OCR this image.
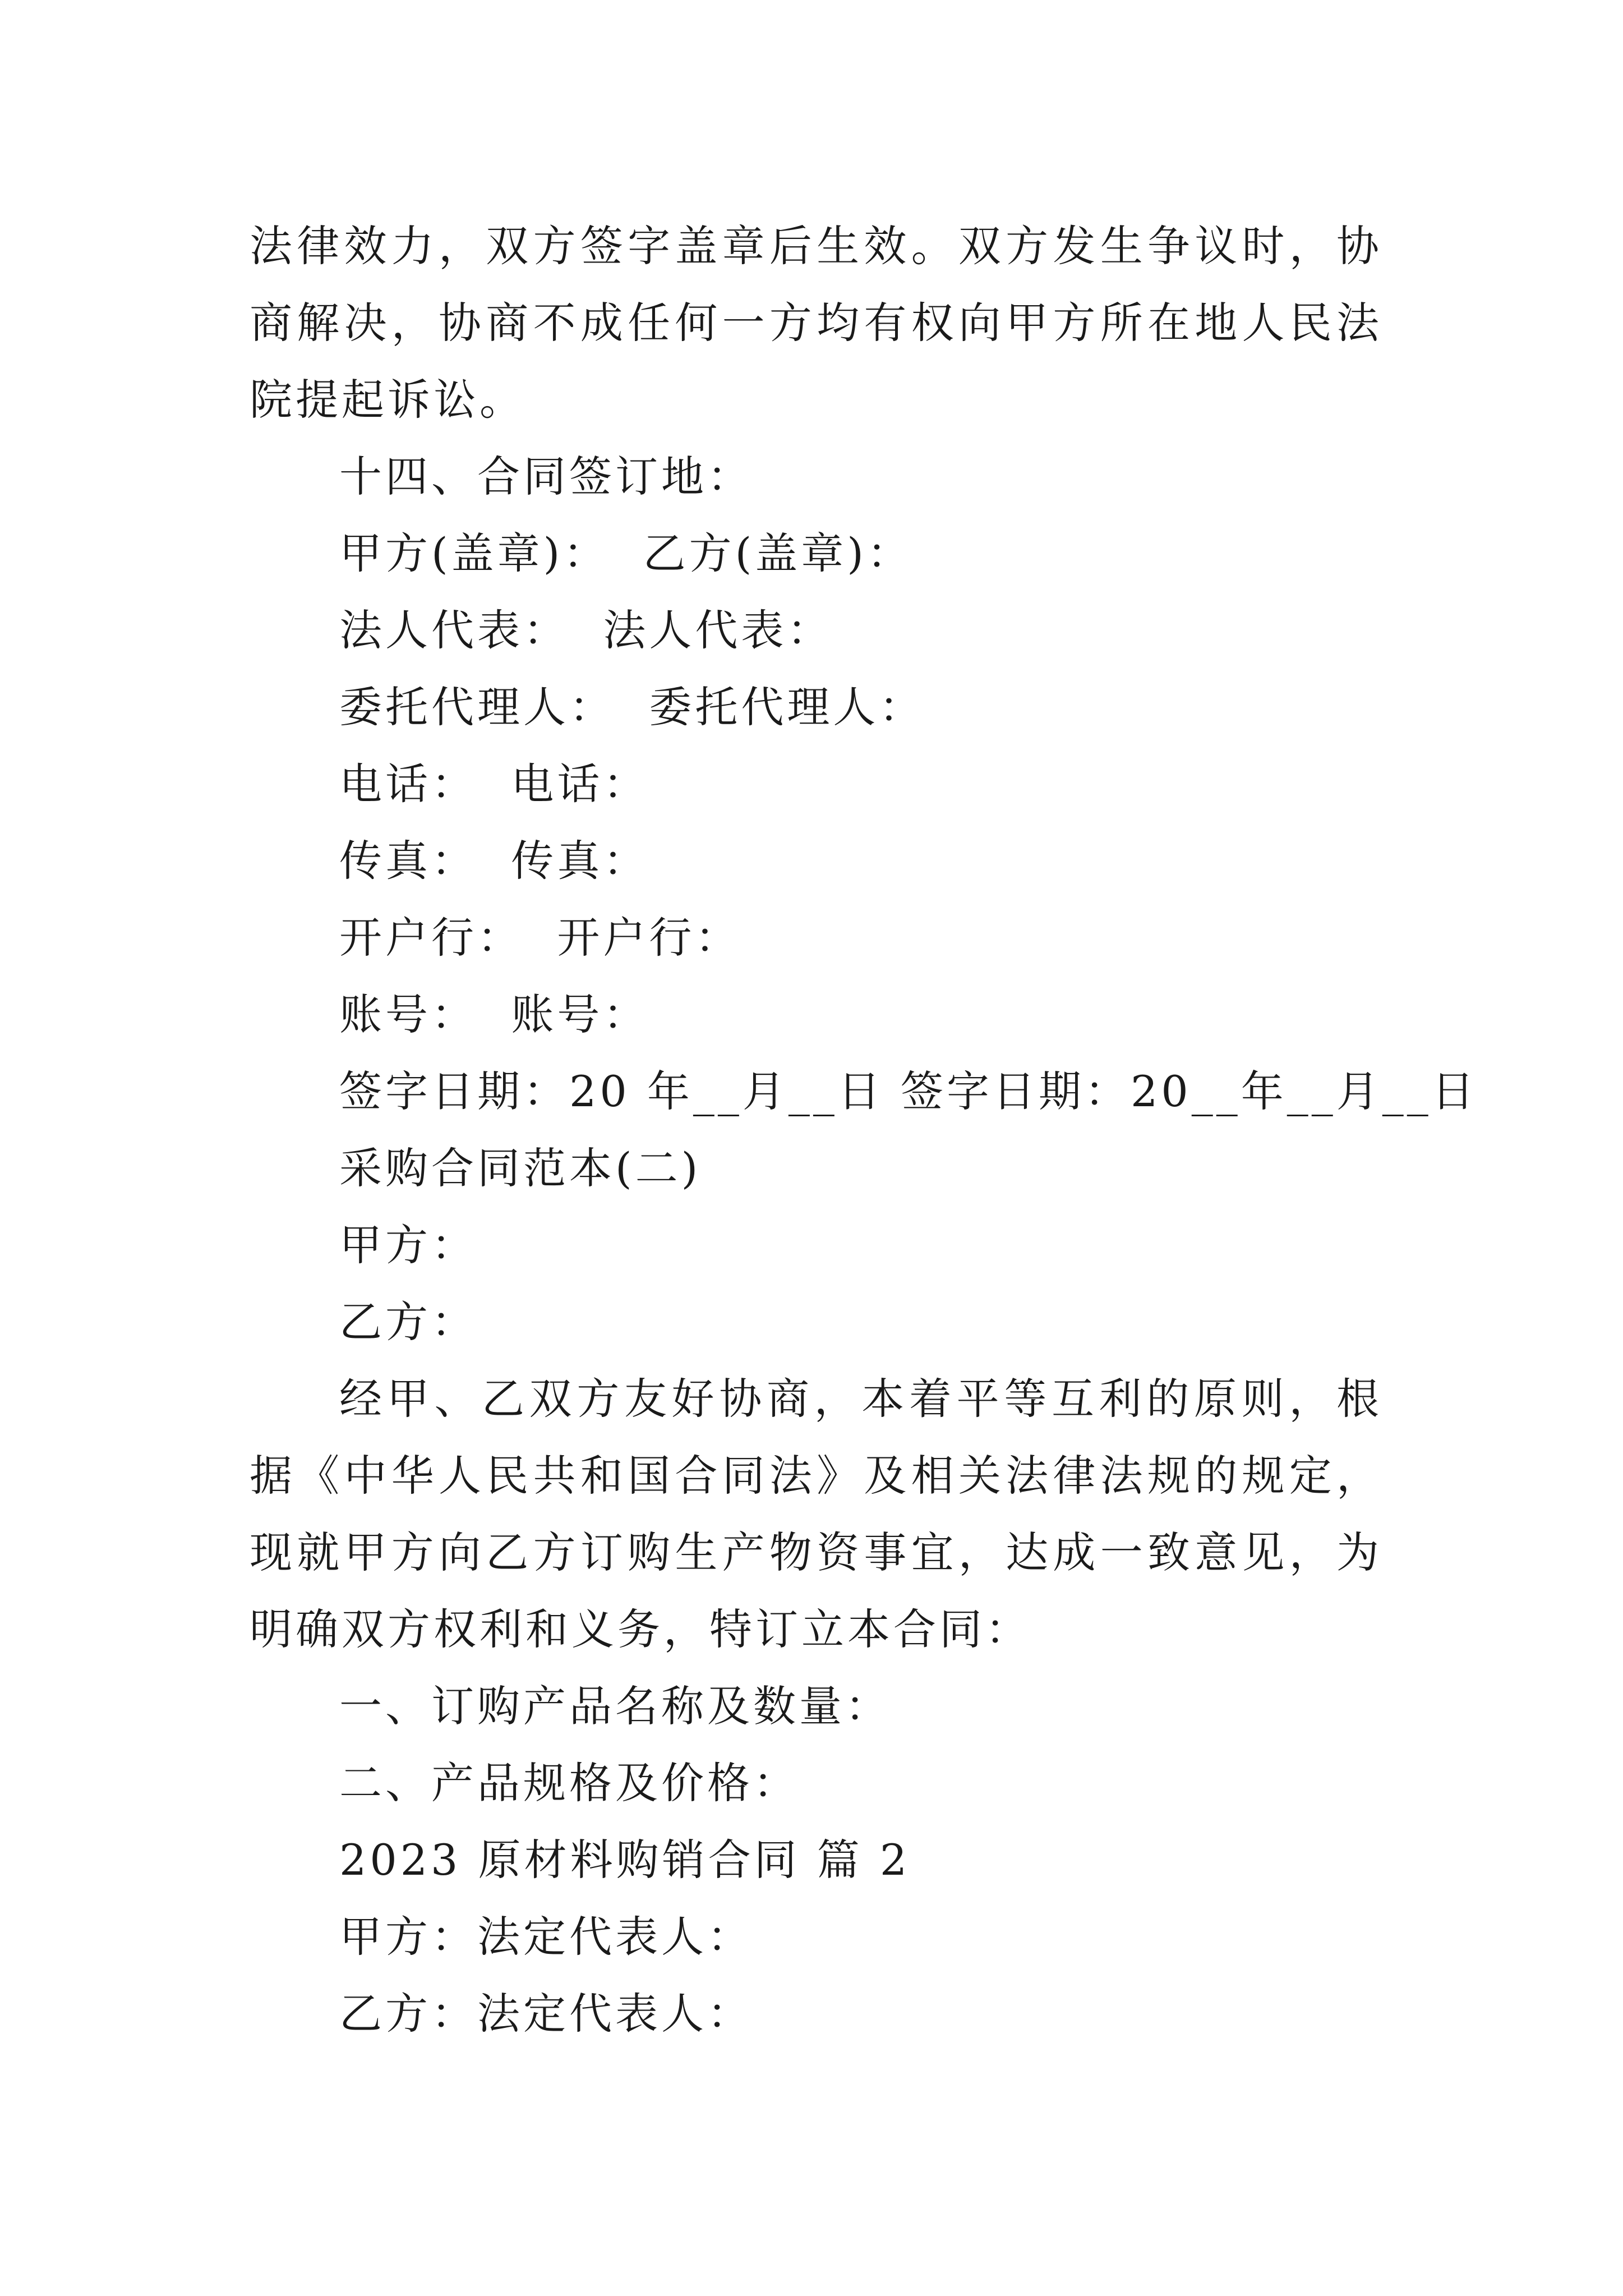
法律效力，双方签字盖章后生效。双方发生争议时，协商解决，协商不成任何一方均有权向甲方所在地人民法院提起诉讼。

十四、合同签订地：

甲方(盖章)：  乙方(盖章)：

法人代表：  法人代表：

委托代理人：  委托代理人：

电话：  电话：

传真：  传真：

开户行：  开户行：

账号：  账号：

签字日期：20 年__月__日 签字日期：20__年__月__日

采购合同范本(二)

甲方：

乙方：

经甲、乙双方友好协商，本着平等互利的原则，根据《中华人民共和国合同法》及相关法律法规的规定，现就甲方向乙方订购生产物资事宜，达成一致意见，为明确双方权利和义务，特订立本合同：

一、订购产品名称及数量：

二、产品规格及价格：

2023 原材料购销合同 篇 2

甲方：法定代表人：

乙方：法定代表人：
